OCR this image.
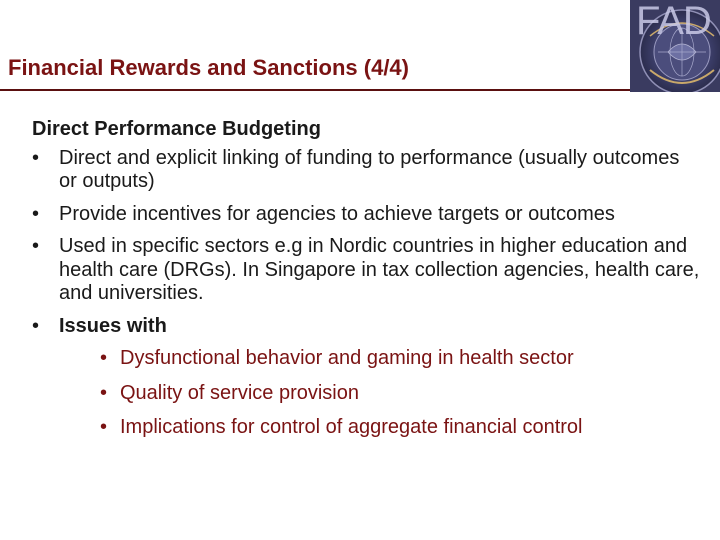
Financial Rewards and Sanctions (4/4)
FAD
Direct Performance Budgeting
• Direct and explicit linking of funding to performance (usually outcomes or outputs)
• Provide incentives for agencies to achieve targets or outcomes
• Used in specific sectors e.g in Nordic countries in higher education and health care (DRGs). In Singapore in tax collection agencies, health care, and universities.
• Issues with
• Dysfunctional behavior and gaming in health sector
• Quality of service provision
• Implications for control of aggregate financial control
